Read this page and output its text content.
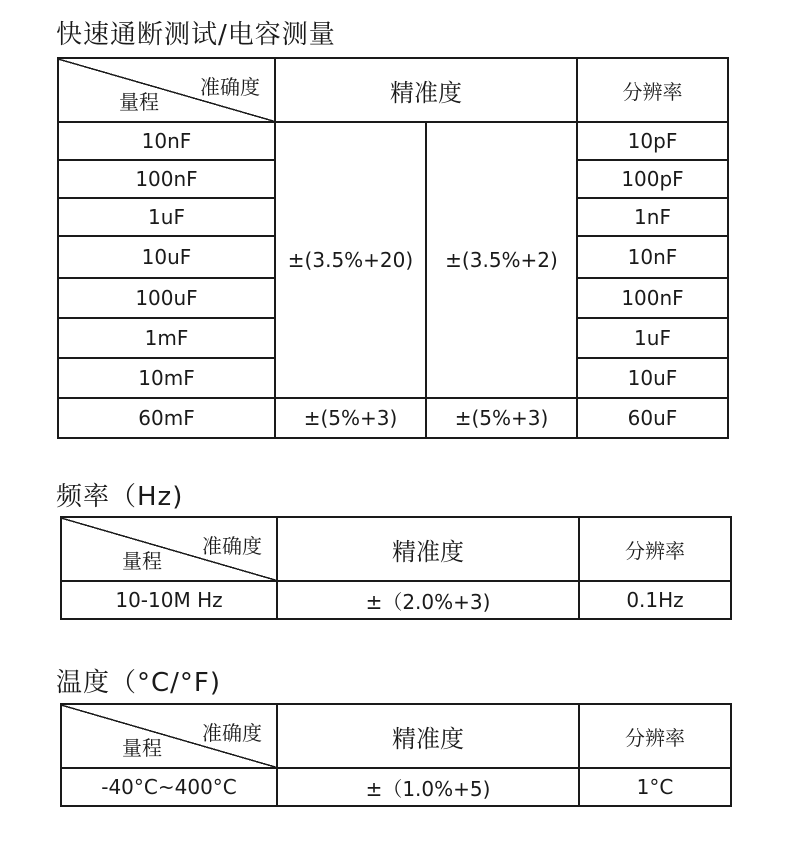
快速通断测试/电容测量
准确度
量程	精准度		分辨率
10nF	±(3.5%+20)	±(3.5%+2)	10pF
100nF			100pF
1uF			1nF
10uF			10nF
100uF			100nF
1mF			1uF
10mF			10uF
60mF	±(5%+3)	±(5%+3)	60uF
频率（Hz)
准确度
量程	精准度	分辨率
10-10M Hz	±（2.0%+3)	0.1Hz
温度（°C/°F)
准确度
量程	精准度	分辨率
-40°C~400°C	±（1.0%+5)	1°C
